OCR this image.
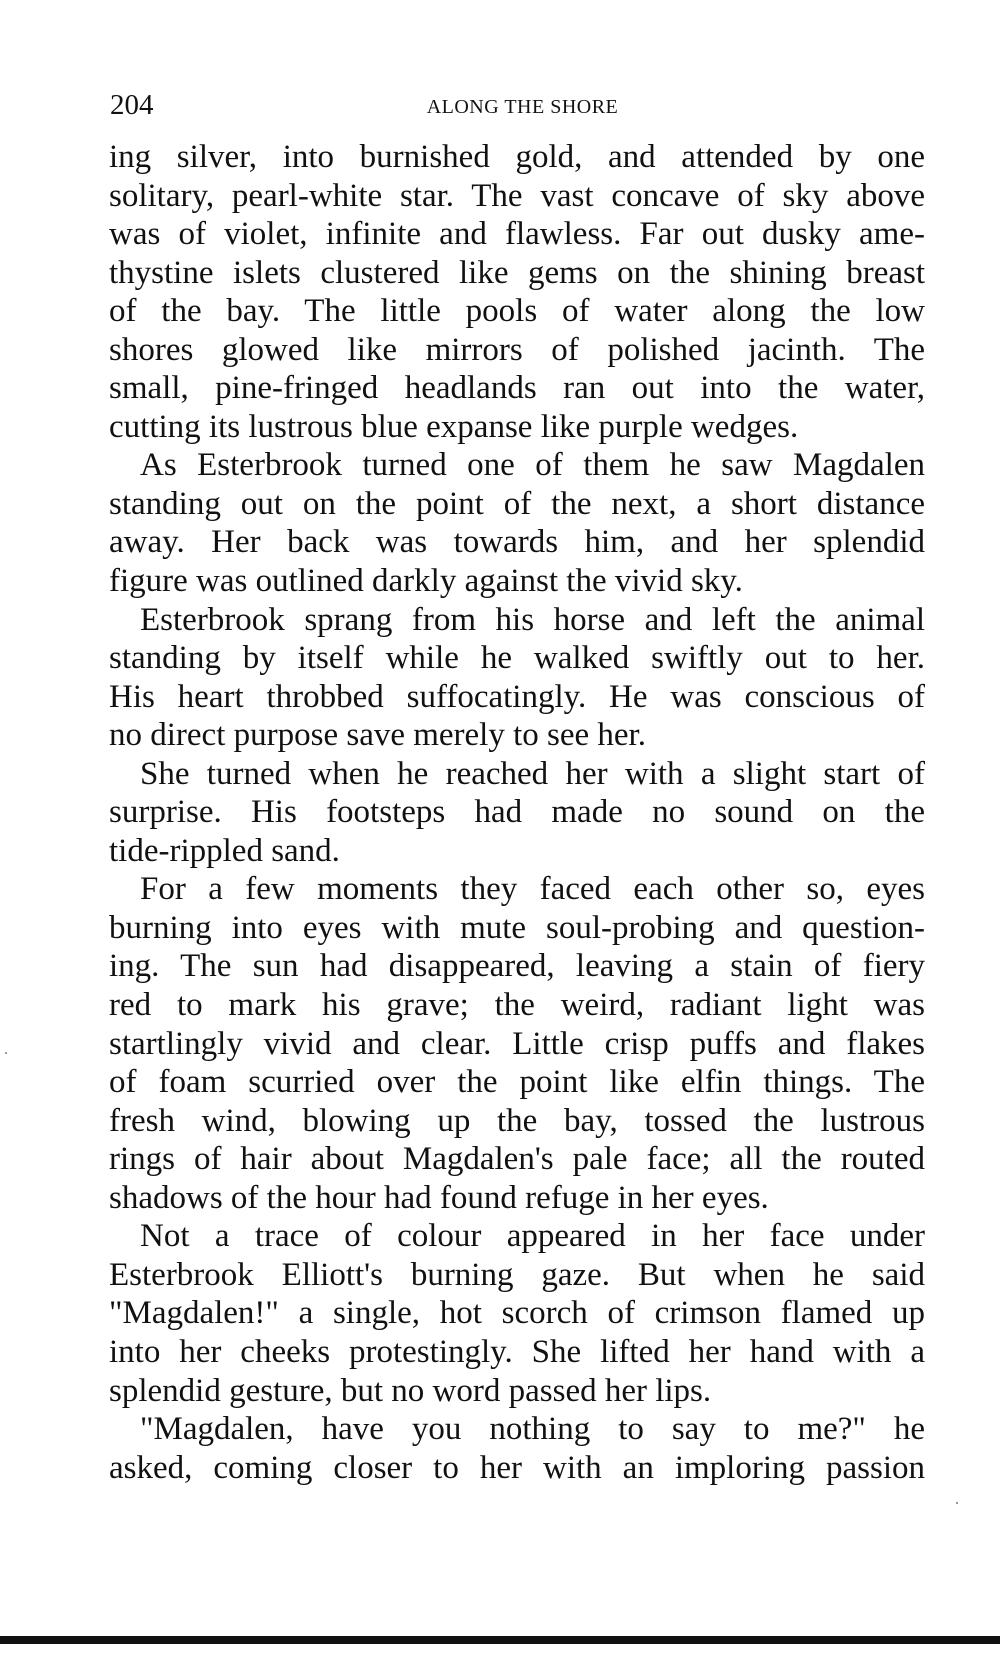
204	ALONG THE SHORE
ing silver, into burnished gold, and attended by one
solitary, pearl-white star. The vast concave of sky above
was of violet, infinite and flawless. Far out dusky ame-
thystine islets clustered like gems on the shining breast
of the bay. The little pools of water along the low
shores glowed like mirrors of polished jacinth. The
small, pine-fringed headlands ran out into the water,
cutting its lustrous blue expanse like purple wedges.
As Esterbrook turned one of them he saw Magdalen
standing out on the point of the next, a short distance
away. Her back was towards him, and her splendid
figure was outlined darkly against the vivid sky.
Esterbrook sprang from his horse and left the animal
standing by itself while he walked swiftly out to her.
His heart throbbed suffocatingly. He was conscious of
no direct purpose save merely to see her.
She turned when he reached her with a slight start of
surprise. His footsteps had made no sound on the
tide-rippled sand.
For a few moments they faced each other so, eyes
burning into eyes with mute soul-probing and question-
ing. The sun had disappeared, leaving a stain of fiery
red to mark his grave; the weird, radiant light was
startlingly vivid and clear. Little crisp puffs and flakes
of foam scurried over the point like elfin things. The
fresh wind, blowing up the bay, tossed the lustrous
rings of hair about Magdalen's pale face; all the routed
shadows of the hour had found refuge in her eyes.
Not a trace of colour appeared in her face under
Esterbrook Elliott's burning gaze. But when he said
"Magdalen!" a single, hot scorch of crimson flamed up
into her cheeks protestingly. She lifted her hand with a
splendid gesture, but no word passed her lips.
"Magdalen, have you nothing to say to me?" he
asked, coming closer to her with an imploring passion
